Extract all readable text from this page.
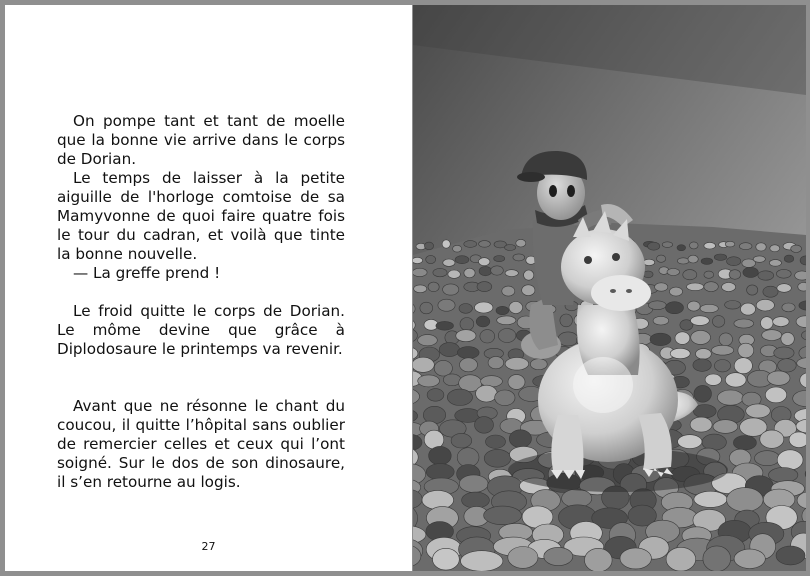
On pompe tant et tant de moelle que la bonne vie arrive dans le corps de Dorian.

Le temps de laisser à la petite aiguille de l'horloge comtoise de sa Mamyvonne de quoi faire quatre fois le tour du cadran, et voilà que tinte la bonne nouvelle.

— La greffe prend !

Le froid quitte le corps de Dorian. Le môme devine que grâce à Diplodosaure le printemps va revenir.

Avant que ne résonne le chant du coucou, il quitte l’hôpital sans oublier de remercier celles et ceux qui l’ont soigné. Sur le dos de son dinosaure, il s’en retourne au logis.

27
